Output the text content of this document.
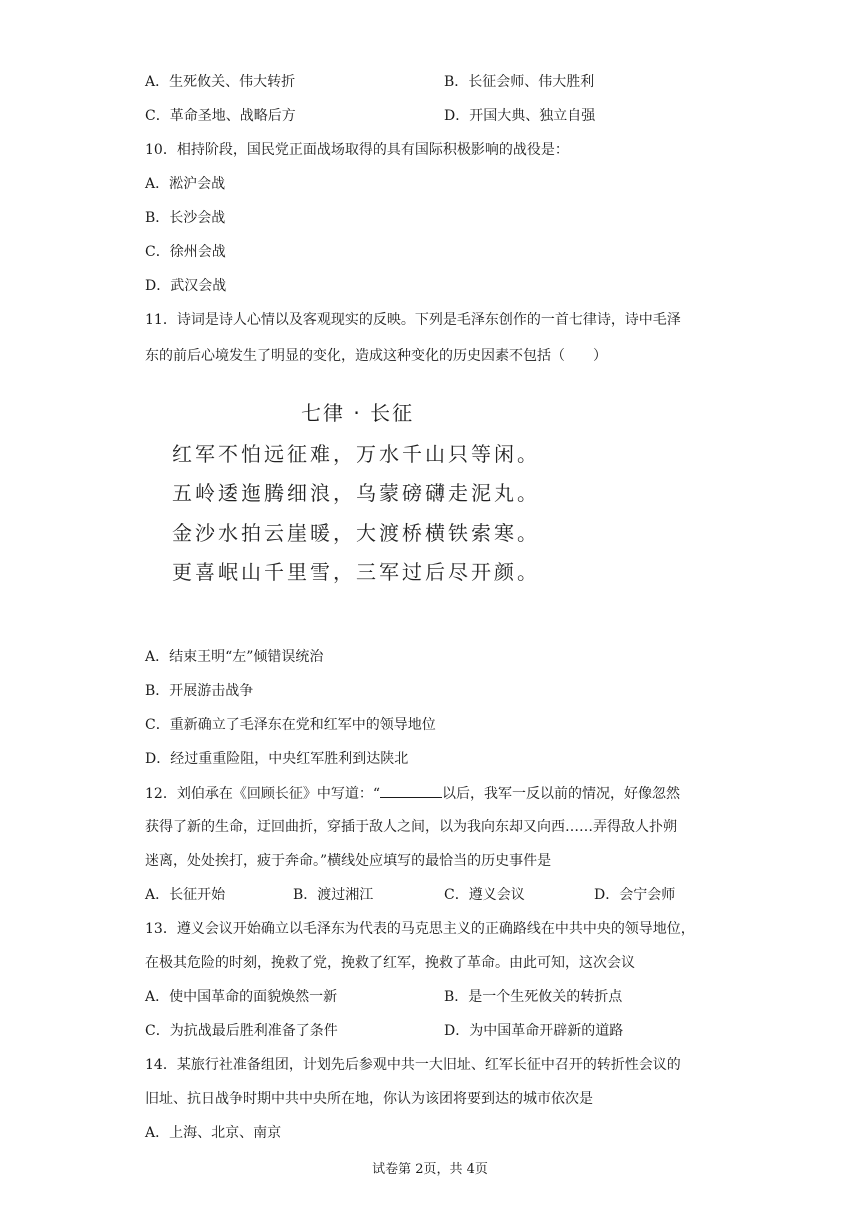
A．生死攸关、伟大转折	B．长征会师、伟大胜利
C．革命圣地、战略后方	D．开国大典、独立自强
10．相持阶段，国民党正面战场取得的具有国际积极影响的战役是：
A．淞沪会战
B．长沙会战
C．徐州会战
D．武汉会战
11．诗词是诗人心情以及客观现实的反映。下列是毛泽东创作的一首七律诗，诗中毛泽
东的前后心境发生了明显的变化，造成这种变化的历史因素不包括（　　）
七律 · 长征
红军不怕远征难，万水千山只等闲。
五岭逶迤腾细浪，乌蒙磅礴走泥丸。
金沙水拍云崖暖，大渡桥横铁索寒。
更喜岷山千里雪，三军过后尽开颜。
A．结束王明“左”倾错误统治
B．开展游击战争
C．重新确立了毛泽东在党和红军中的领导地位
D．经过重重险阻，中央红军胜利到达陕北
12．刘伯承在《回顾长征》中写道：“	以后，我军一反以前的情况，好像忽然
获得了新的生命，迂回曲折，穿插于敌人之间，以为我向东却又向西……弄得敌人扑朔
迷离，处处挨打，疲于奔命。”横线处应填写的最恰当的历史事件是
A．长征开始	B．渡过湘江	C．遵义会议	D．会宁会师
13．遵义会议开始确立以毛泽东为代表的马克思主义的正确路线在中共中央的领导地位，
在极其危险的时刻，挽救了党，挽救了红军，挽救了革命。由此可知，这次会议
A．使中国革命的面貌焕然一新	B．是一个生死攸关的转折点
C．为抗战最后胜利准备了条件	D．为中国革命开辟新的道路
14．某旅行社准备组团，计划先后参观中共一大旧址、红军长征中召开的转折性会议的
旧址、抗日战争时期中共中央所在地，你认为该团将要到达的城市依次是
A．上海、北京、南京
试卷第 2页，共 4页
